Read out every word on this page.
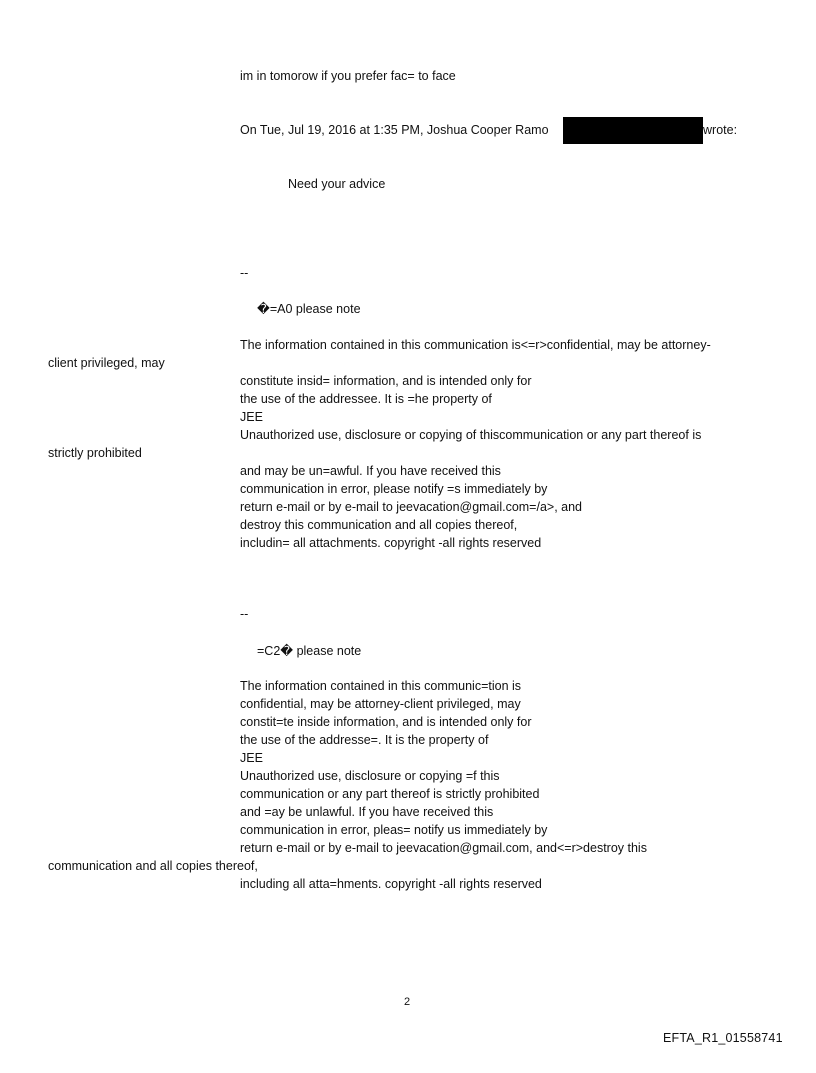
im in tomorow if you prefer fac= to face
On Tue, Jul 19, 2016 at 1:35 PM, Joshua Cooper Ramo	wrote:
Need your advice
--
�=A0 please note
The information contained in this communication is<=r>confidential, may be attorney-
client privileged, may
constitute insid= information, and is intended only for
the use of the addressee. It is =he property of
JEE
Unauthorized use, disclosure or copying of thiscommunication or any part thereof is
strictly prohibited
and may be un=awful. If you have received this
communication in error, please notify =s immediately by
return e-mail or by e-mail to jeevacation@gmail.com=/a>, and
destroy this communication and all copies thereof,
includin= all attachments. copyright -all rights reserved
--
=C2� please note
The information contained in this communic=tion is
confidential, may be attorney-client privileged, may
constit=te inside information, and is intended only for
the use of the addresse=. It is the property of
JEE
Unauthorized use, disclosure or copying =f this
communication or any part thereof is strictly prohibited
and =ay be unlawful. If you have received this
communication in error, pleas= notify us immediately by
return e-mail or by e-mail to jeevacation@gmail.com, and<=r>destroy this
communication and all copies thereof,
including all atta=hments. copyright -all rights reserved
2
EFTA_R1_01558741
